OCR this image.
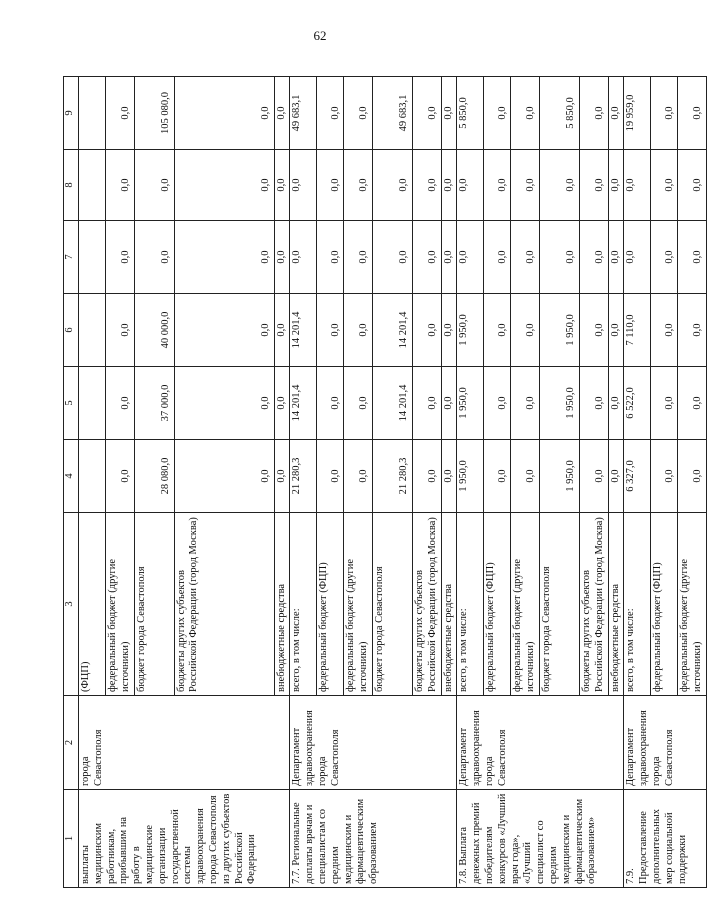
62
1	2	3	4	5	6	7	8	9
выплаты медицинским работникам, прибывшим на работу в медицинские организации государственной системы здравоохранения города Севастополя из других субъектов Российской Федерации	города Севастополя	(ФЦП)						
		федеральный бюджет (другие источники)	0,0	0,0	0,0	0,0	0,0	0,0
		бюджет города Севастополя	28 080,0	37 000,0	40 000,0	0,0	0,0	105 080,0
		бюджеты других субъектов Российской Федерации (город Москва)	0,0	0,0	0,0	0,0	0,0	0,0
		внебюджетные средства	0,0	0,0	0,0	0,0	0,0	0,0
7.7. Региональные доплаты врачам и специалистам со средним медицинским и фармацевтическим образованием	Департамент здравоохранения города Севастополя	всего, в том числе:	21 280,3	14 201,4	14 201,4	0,0	0,0	49 683,1
		федеральный бюджет (ФЦП)	0,0	0,0	0,0	0,0	0,0	0,0
		федеральный бюджет (другие источники)	0,0	0,0	0,0	0,0	0,0	0,0
		бюджет города Севастополя	21 280,3	14 201,4	14 201,4	0,0	0,0	49 683,1
		бюджеты других субъектов Российской Федерации (город Москва)	0,0	0,0	0,0	0,0	0,0	0,0
		внебюджетные средства	0,0	0,0	0,0	0,0	0,0	0,0
7.8. Выплата денежных премий победителям конкурсов «Лучший врач года», «Лучший специалист со средним медицинским и фармацевтическим образованием»	Департамент здравоохранения города Севастополя	всего, в том числе:	1 950,0	1 950,0	1 950,0	0,0	0,0	5 850,0
		федеральный бюджет (ФЦП)	0,0	0,0	0,0	0,0	0,0	0,0
		федеральный бюджет (другие источники)	0,0	0,0	0,0	0,0	0,0	0,0
		бюджет города Севастополя	1 950,0	1 950,0	1 950,0	0,0	0,0	5 850,0
		бюджеты других субъектов Российской Федерации (город Москва)	0,0	0,0	0,0	0,0	0,0	0,0
		внебюджетные средства	0,0	0,0	0,0	0,0	0,0	0,0
7.9. Предоставление дополнительных мер социальной поддержки	Департамент здравоохранения города Севастополя	всего, в том числе:	6 327,0	6 522,0	7 110,0	0,0	0,0	19 959,0
		федеральный бюджет (ФЦП)	0,0	0,0	0,0	0,0	0,0	0,0
		федеральный бюджет (другие источники)	0,0	0,0	0,0	0,0	0,0	0,0
